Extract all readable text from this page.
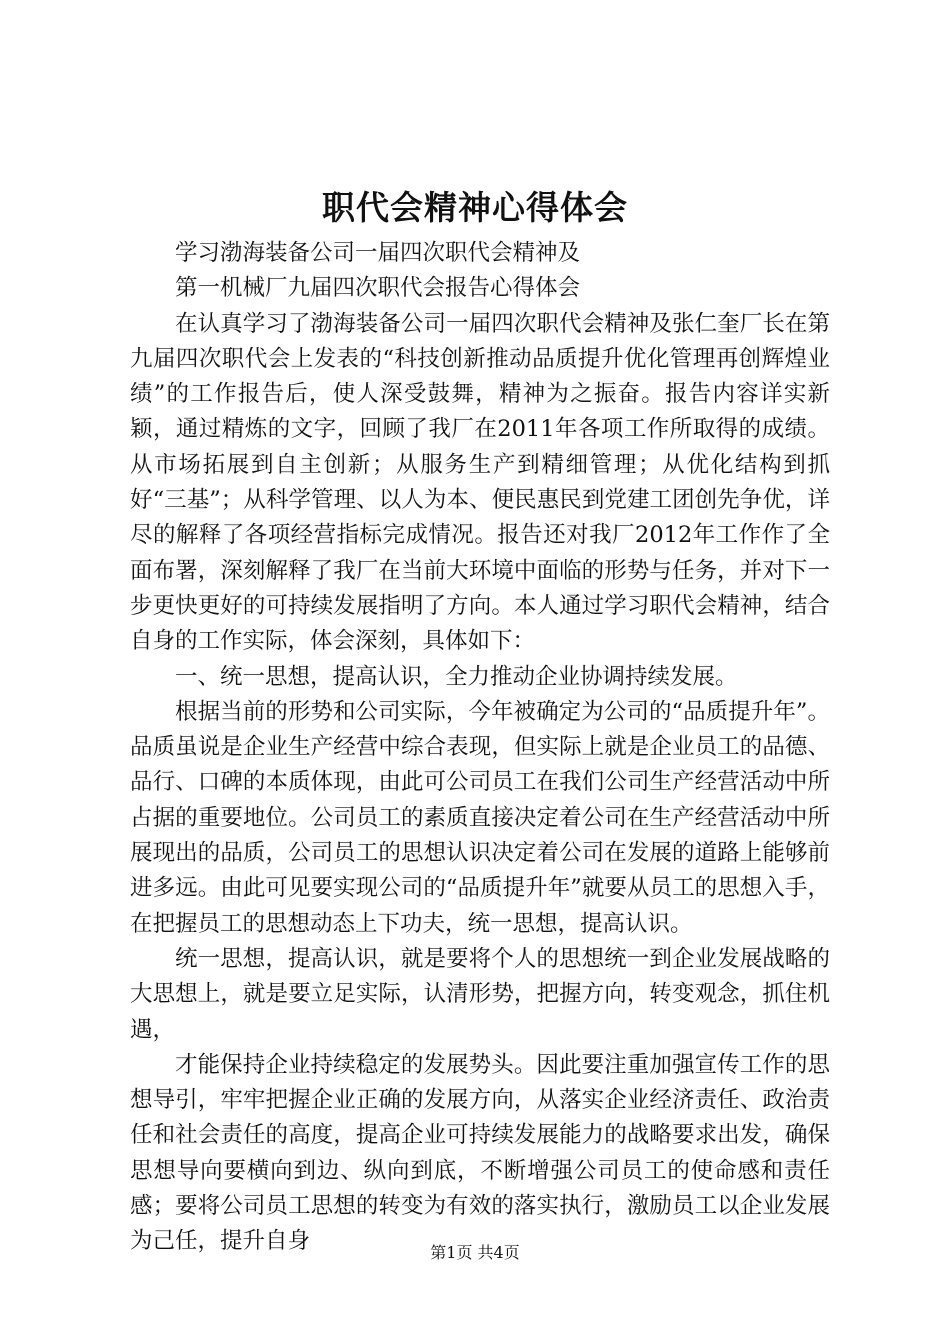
职代会精神心得体会

学习渤海装备公司一届四次职代会精神及

第一机械厂九届四次职代会报告心得体会

在认真学习了渤海装备公司一届四次职代会精神及张仁奎厂长在第九届四次职代会上发表的“科技创新推动品质提升优化管理再创辉煌业绩”的工作报告后，使人深受鼓舞，精神为之振奋。报告内容详实新颖，通过精炼的文字，回顾了我厂在2011年各项工作所取得的成绩。从市场拓展到自主创新；从服务生产到精细管理；从优化结构到抓好“三基”；从科学管理、以人为本、便民惠民到党建工团创先争优，详尽的解释了各项经营指标完成情况。报告还对我厂2012年工作作了全面布署，深刻解释了我厂在当前大环境中面临的形势与任务，并对下一步更快更好的可持续发展指明了方向。本人通过学习职代会精神，结合自身的工作实际，体会深刻，具体如下：

一、统一思想，提高认识，全力推动企业协调持续发展。

根据当前的形势和公司实际，今年被确定为公司的“品质提升年”。品质虽说是企业生产经营中综合表现，但实际上就是企业员工的品德、品行、口碑的本质体现，由此可公司员工在我们公司生产经营活动中所占据的重要地位。公司员工的素质直接决定着公司在生产经营活动中所展现出的品质，公司员工的思想认识决定着公司在发展的道路上能够前进多远。由此可见要实现公司的“品质提升年”就要从员工的思想入手，在把握员工的思想动态上下功夫，统一思想，提高认识。

统一思想，提高认识，就是要将个人的思想统一到企业发展战略的大思想上，就是要立足实际，认清形势，把握方向，转变观念，抓住机遇，

才能保持企业持续稳定的发展势头。因此要注重加强宣传工作的思想导引，牢牢把握企业正确的发展方向，从落实企业经济责任、政治责任和社会责任的高度，提高企业可持续发展能力的战略要求出发，确保思想导向要横向到边、纵向到底，不断增强公司员工的使命感和责任感；要将公司员工思想的转变为有效的落实执行，激励员工以企业发展为己任，提升自身	第1页 共4页
